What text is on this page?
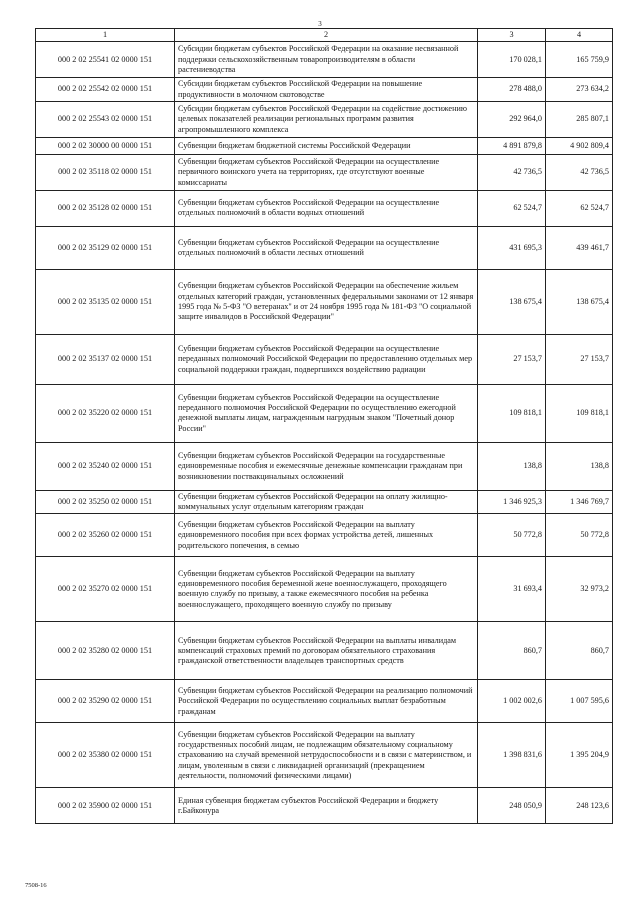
3
1	2	3	4
000 2 02 25541 02 0000 151	Субсидии бюджетам субъектов Российской Федерации на оказание несвязанной поддержки сельскохозяйственным товаропроизводителям в области растениеводства	170 028,1	165 759,9
000 2 02 25542 02 0000 151	Субсидии бюджетам субъектов Российской Федерации на повышение продуктивности в молочном скотоводстве	278 488,0	273 634,2
000 2 02 25543 02 0000 151	Субсидии бюджетам субъектов Российской Федерации на содействие достижению целевых показателей реализации региональных программ развития агропромышленного комплекса	292 964,0	285 807,1
000 2 02 30000 00 0000 151	Субвенции бюджетам бюджетной системы Российской Федерации	4 891 879,8	4 902 809,4
000 2 02 35118 02 0000 151	Субвенции бюджетам субъектов Российской Федерации на осуществление первичного воинского учета на территориях, где отсутствуют военные комиссариаты	42 736,5	42 736,5
000 2 02 35128 02 0000 151	Субвенции бюджетам субъектов Российской Федерации на осуществление отдельных полномочий в области водных отношений	62 524,7	62 524,7
000 2 02 35129 02 0000 151	Субвенции бюджетам субъектов Российской Федерации на осуществление отдельных полномочий в области лесных отношений	431 695,3	439 461,7
000 2 02 35135 02 0000 151	Субвенции бюджетам субъектов Российской Федерации на обеспечение жильем отдельных категорий граждан, установленных федеральными законами от 12 января 1995 года № 5-ФЗ "О ветеранах" и от 24 ноября 1995 года № 181-ФЗ "О социальной защите инвалидов в Российской Федерации"	138 675,4	138 675,4
000 2 02 35137 02 0000 151	Субвенции бюджетам субъектов Российской Федерации на осуществление переданных полномочий Российской Федерации по предоставлению отдельных мер социальной поддержки граждан, подвергшихся воздействию радиации	27 153,7	27 153,7
000 2 02 35220 02 0000 151	Субвенции бюджетам субъектов Российской Федерации на осуществление переданного полномочия Российской Федерации по осуществлению ежегодной денежной выплаты лицам, награжденным нагрудным знаком "Почетный донор России"	109 818,1	109 818,1
000 2 02 35240 02 0000 151	Субвенции бюджетам субъектов Российской Федерации на государственные единовременные пособия и ежемесячные денежные компенсации гражданам при возникновении поствакцинальных осложнений	138,8	138,8
000 2 02 35250 02 0000 151	Субвенции бюджетам субъектов Российской Федерации на оплату жилищно-коммунальных услуг отдельным категориям граждан	1 346 925,3	1 346 769,7
000 2 02 35260 02 0000 151	Субвенции бюджетам субъектов Российской Федерации на выплату единовременного пособия при всех формах устройства детей, лишенных родительского попечения, в семью	50 772,8	50 772,8
000 2 02 35270 02 0000 151	Субвенции бюджетам субъектов Российской Федерации на выплату единовременного пособия беременной жене военнослужащего, проходящего военную службу по призыву, а также ежемесячного пособия на ребенка военнослужащего, проходящего военную службу по призыву	31 693,4	32 973,2
000 2 02 35280 02 0000 151	Субвенции бюджетам субъектов Российской Федерации на выплаты инвалидам компенсаций страховых премий по договорам обязательного страхования гражданской ответственности владельцев транспортных средств	860,7	860,7
000 2 02 35290 02 0000 151	Субвенции бюджетам субъектов Российской Федерации на реализацию полномочий Российской Федерации по осуществлению социальных выплат безработным гражданам	1 002 002,6	1 007 595,6
000 2 02 35380 02 0000 151	Субвенции бюджетам субъектов Российской Федерации на выплату государственных пособий лицам, не подлежащим обязательному социальному страхованию на случай временной нетрудоспособности и в связи с материнством, и лицам, уволенным в связи с ликвидацией организаций (прекращением деятельности, полномочий физическими лицами)	1 398 831,6	1 395 204,9
000 2 02 35900 02 0000 151	Единая субвенция бюджетам субъектов Российской Федерации и бюджету г.Байконура	248 050,9	248 123,6
7508-16
